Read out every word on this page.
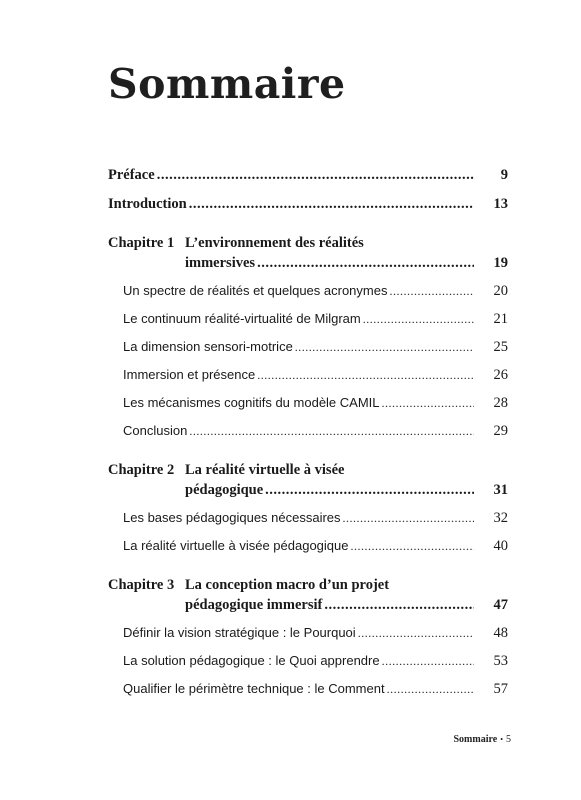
Sommaire
Préface .....	9
Introduction .....	13
Chapitre 1 L’environnement des réalités
immersives .....	19
Un spectre de réalités et quelques acronymes .....	20
Le continuum réalité-virtualité de Milgram .....	21
La dimension sensori-motrice .....	25
Immersion et présence .....	26
Les mécanismes cognitifs du modèle CAMIL .....	28
Conclusion .....	29
Chapitre 2 La réalité virtuelle à visée
pédagogique .....	31
Les bases pédagogiques nécessaires .....	32
La réalité virtuelle à visée pédagogique .....	40
Chapitre 3 La conception macro d’un projet
pédagogique immersif .....	47
Définir la vision stratégique : le Pourquoi .....	48
La solution pédagogique : le Quoi apprendre .....	53
Qualifier le périmètre technique : le Comment .....	57
Sommaire • 5
